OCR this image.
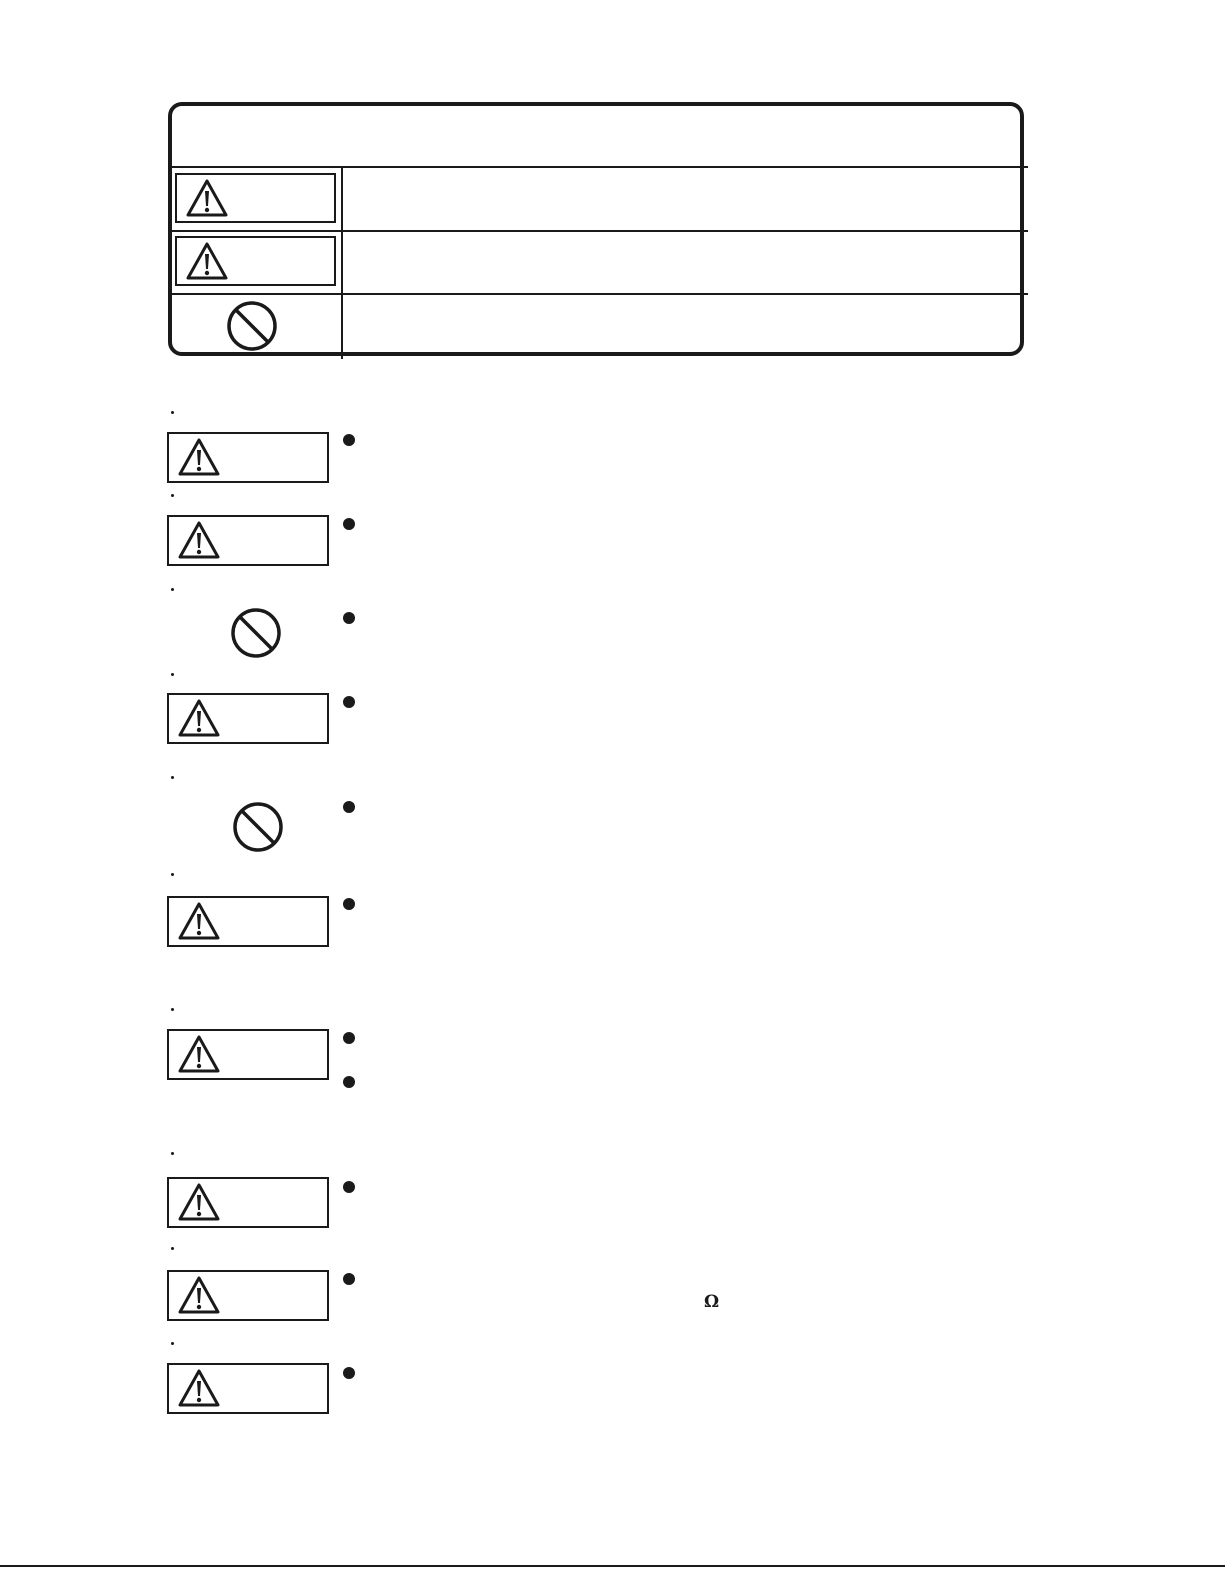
Ω
